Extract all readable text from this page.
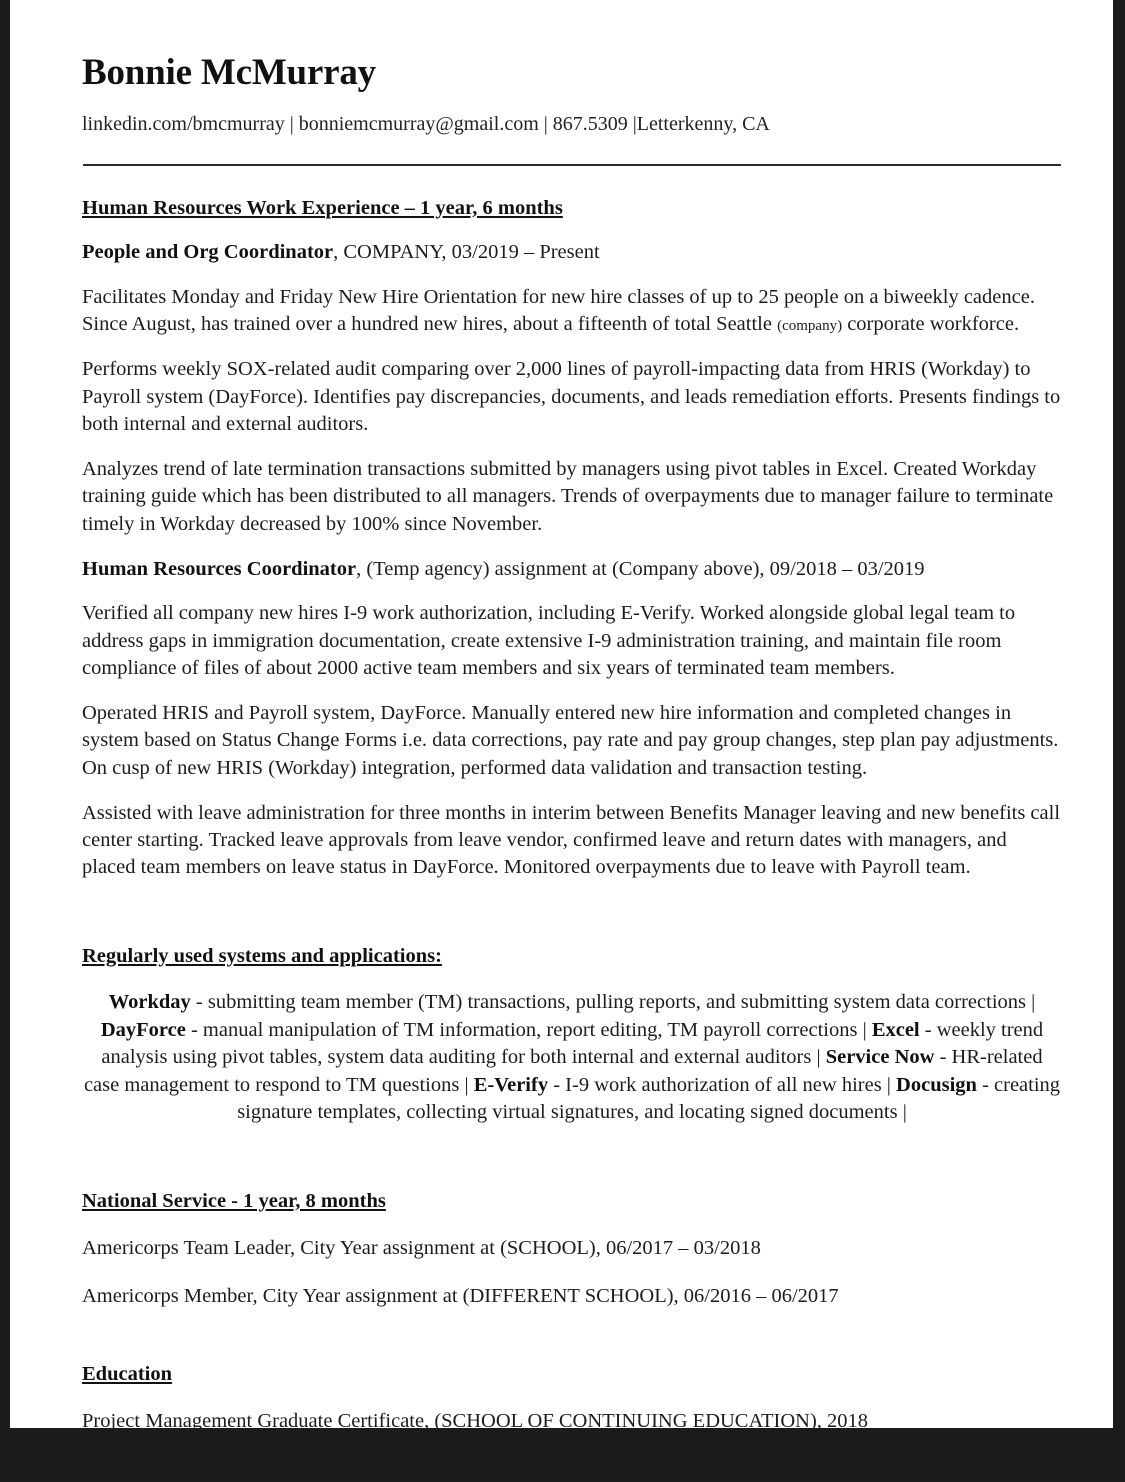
Bonnie McMurray

linkedin.com/bmcmurray | bonniemcmurray@gmail.com | 867.5309 |Letterkenny, CA

Human Resources Work Experience – 1 year, 6 months

People and Org Coordinator, COMPANY, 03/2019 – Present

Facilitates Monday and Friday New Hire Orientation for new hire classes of up to 25 people on a biweekly cadence. Since August, has trained over a hundred new hires, about a fifteenth of total Seattle (company) corporate workforce.

Performs weekly SOX-related audit comparing over 2,000 lines of payroll-impacting data from HRIS (Workday) to Payroll system (DayForce). Identifies pay discrepancies, documents, and leads remediation efforts. Presents findings to both internal and external auditors.

Analyzes trend of late termination transactions submitted by managers using pivot tables in Excel. Created Workday training guide which has been distributed to all managers. Trends of overpayments due to manager failure to terminate timely in Workday decreased by 100% since November.

Human Resources Coordinator, (Temp agency) assignment at (Company above), 09/2018 – 03/2019

Verified all company new hires I-9 work authorization, including E-Verify. Worked alongside global legal team to address gaps in immigration documentation, create extensive I-9 administration training, and maintain file room compliance of files of about 2000 active team members and six years of terminated team members.

Operated HRIS and Payroll system, DayForce. Manually entered new hire information and completed changes in system based on Status Change Forms i.e. data corrections, pay rate and pay group changes, step plan pay adjustments. On cusp of new HRIS (Workday) integration, performed data validation and transaction testing.

Assisted with leave administration for three months in interim between Benefits Manager leaving and new benefits call center starting. Tracked leave approvals from leave vendor, confirmed leave and return dates with managers, and placed team members on leave status in DayForce. Monitored overpayments due to leave with Payroll team.

Regularly used systems and applications:

Workday - submitting team member (TM) transactions, pulling reports, and submitting system data corrections | DayForce - manual manipulation of TM information, report editing, TM payroll corrections | Excel - weekly trend analysis using pivot tables, system data auditing for both internal and external auditors | Service Now - HR-related case management to respond to TM questions | E-Verify - I-9 work authorization of all new hires | Docusign - creating signature templates, collecting virtual signatures, and locating signed documents |

National Service - 1 year, 8 months

Americorps Team Leader, City Year assignment at (SCHOOL), 06/2017 – 03/2018

Americorps Member, City Year assignment at (DIFFERENT SCHOOL), 06/2016 – 06/2017

Education

Project Management Graduate Certificate, (SCHOOL OF CONTINUING EDUCATION), 2018

Bachelor of Arts (B.A.) in Human Development, (STATE SCHOOL), 2012-2016
